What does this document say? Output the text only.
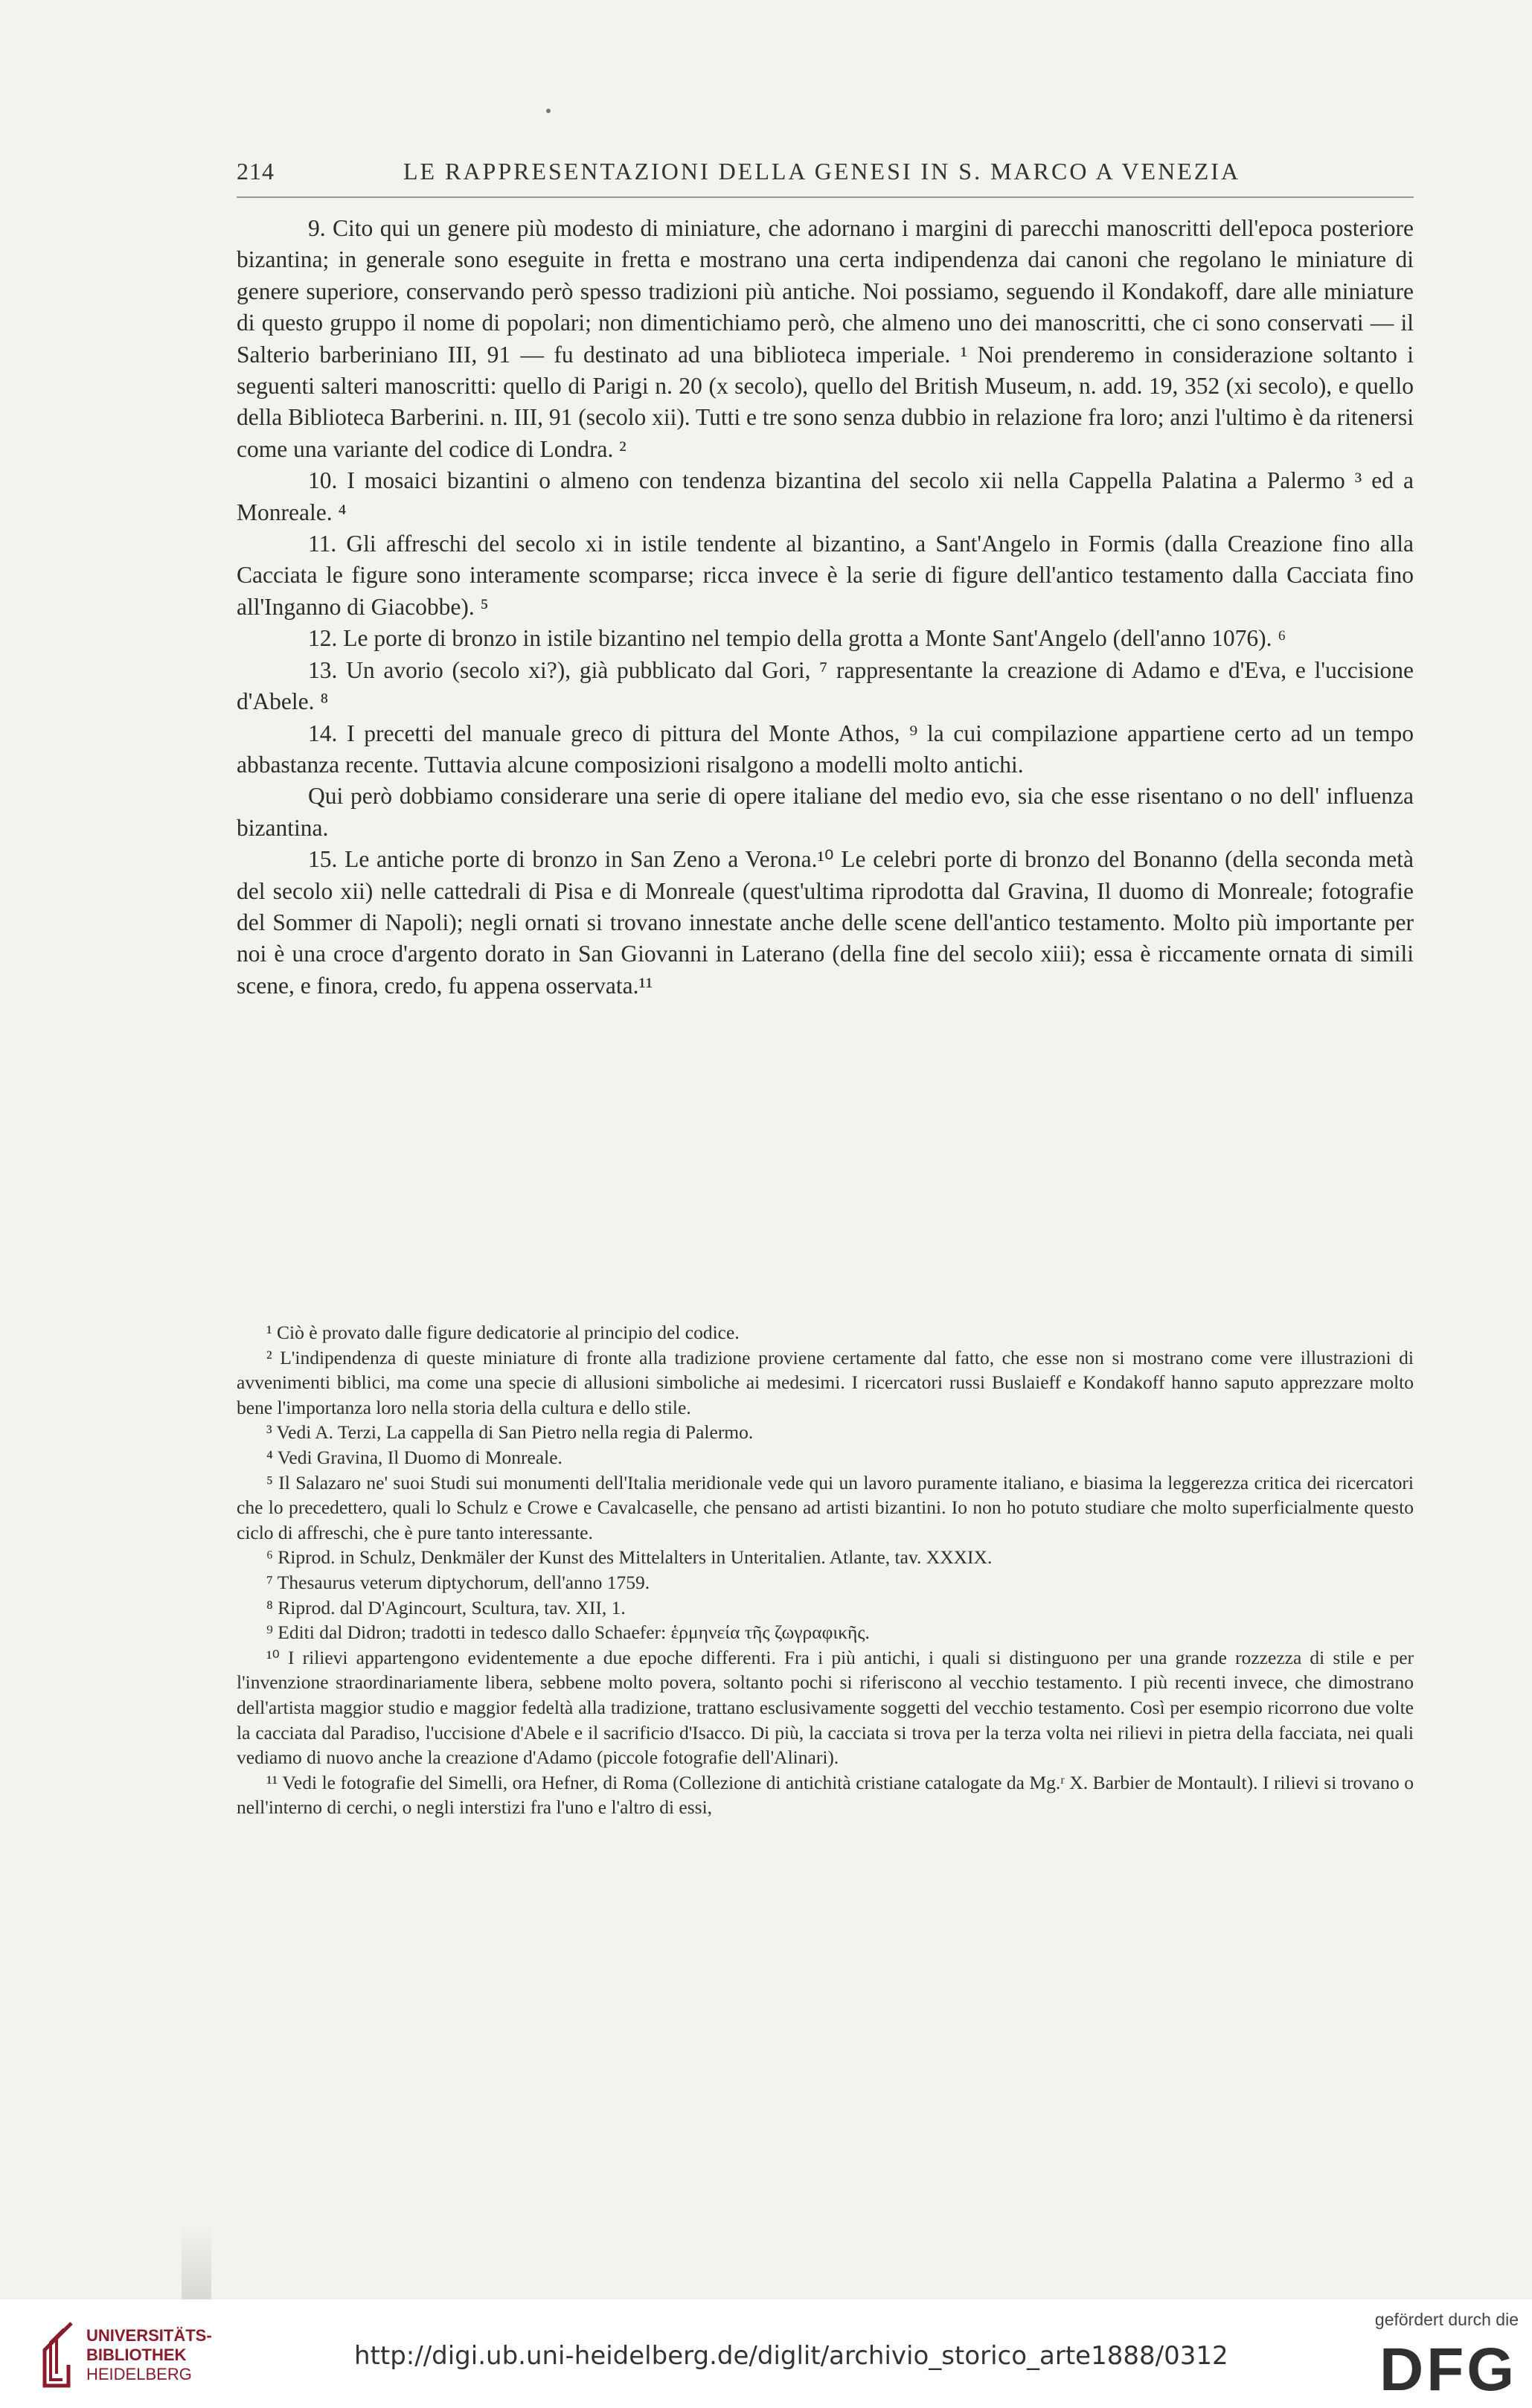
214	LE RAPPRESENTAZIONI DELLA GENESI IN S. MARCO A VENEZIA

9. Cito qui un genere più modesto di miniature, che adornano i margini di parecchi manoscritti dell'epoca posteriore bizantina; in generale sono eseguite in fretta e mostrano una certa indipendenza dai canoni che regolano le miniature di genere superiore, conservando però spesso tradizioni più antiche. Noi possiamo, seguendo il Kondakoff, dare alle miniature di questo gruppo il nome di popolari; non dimentichiamo però, che almeno uno dei manoscritti, che ci sono conservati — il Salterio barberiniano III, 91 — fu destinato ad una biblioteca imperiale. ¹ Noi prenderemo in considerazione soltanto i seguenti salteri manoscritti: quello di Parigi n. 20 (x secolo), quello del British Museum, n. add. 19, 352 (xi secolo), e quello della Biblioteca Barberini. n. III, 91 (secolo xii). Tutti e tre sono senza dubbio in relazione fra loro; anzi l'ultimo è da ritenersi come una variante del codice di Londra. ²

10. I mosaici bizantini o almeno con tendenza bizantina del secolo xii nella Cappella Palatina a Palermo ³ ed a Monreale. ⁴

11. Gli affreschi del secolo xi in istile tendente al bizantino, a Sant'Angelo in Formis (dalla Creazione fino alla Cacciata le figure sono interamente scomparse; ricca invece è la serie di figure dell'antico testamento dalla Cacciata fino all'Inganno di Giacobbe). ⁵

12. Le porte di bronzo in istile bizantino nel tempio della grotta a Monte Sant'Angelo (dell'anno 1076). ⁶

13. Un avorio (secolo xi?), già pubblicato dal Gori, ⁷ rappresentante la creazione di Adamo e d'Eva, e l'uccisione d'Abele. ⁸

14. I precetti del manuale greco di pittura del Monte Athos, ⁹ la cui compilazione appartiene certo ad un tempo abbastanza recente. Tuttavia alcune composizioni risalgono a modelli molto antichi.

Qui però dobbiamo considerare una serie di opere italiane del medio evo, sia che esse risentano o no dell' influenza bizantina.

15. Le antiche porte di bronzo in San Zeno a Verona.¹⁰ Le celebri porte di bronzo del Bonanno (della seconda metà del secolo xii) nelle cattedrali di Pisa e di Monreale (quest'ultima riprodotta dal Gravina, Il duomo di Monreale; fotografie del Sommer di Napoli); negli ornati si trovano innestate anche delle scene dell'antico testamento. Molto più importante per noi è una croce d'argento dorato in San Giovanni in Laterano (della fine del secolo xiii); essa è riccamente ornata di simili scene, e finora, credo, fu appena osservata.¹¹

¹ Ciò è provato dalle figure dedicatorie al principio del codice.

² L'indipendenza di queste miniature di fronte alla tradizione proviene certamente dal fatto, che esse non si mostrano come vere illustrazioni di avvenimenti biblici, ma come una specie di allusioni simboliche ai medesimi. I ricercatori russi Buslaieff e Kondakoff hanno saputo apprezzare molto bene l'importanza loro nella storia della cultura e dello stile.

³ Vedi A. Terzi, La cappella di San Pietro nella regia di Palermo.

⁴ Vedi Gravina, Il Duomo di Monreale.

⁵ Il Salazaro ne' suoi Studi sui monumenti dell'Italia meridionale vede qui un lavoro puramente italiano, e biasima la leggerezza critica dei ricercatori che lo precedettero, quali lo Schulz e Crowe e Cavalcaselle, che pensano ad artisti bizantini. Io non ho potuto studiare che molto superficialmente questo ciclo di affreschi, che è pure tanto interessante.

⁶ Riprod. in Schulz, Denkmäler der Kunst des Mittelalters in Unteritalien. Atlante, tav. XXXIX.

⁷ Thesaurus veterum diptychorum, dell'anno 1759.

⁸ Riprod. dal D'Agincourt, Scultura, tav. XII, 1.

⁹ Editi dal Didron; tradotti in tedesco dallo Schaefer: ἑρμηνεία τῆς ζωγραφικῆς.

¹⁰ I rilievi appartengono evidentemente a due epoche differenti. Fra i più antichi, i quali si distinguono per una grande rozzezza di stile e per l'invenzione straordinariamente libera, sebbene molto povera, soltanto pochi si riferiscono al vecchio testamento. I più recenti invece, che dimostrano dell'artista maggior studio e maggior fedeltà alla tradizione, trattano esclusivamente soggetti del vecchio testamento. Così per esempio ricorrono due volte la cacciata dal Paradiso, l'uccisione d'Abele e il sacrificio d'Isacco. Di più, la cacciata si trova per la terza volta nei rilievi in pietra della facciata, nei quali vediamo di nuovo anche la creazione d'Adamo (piccole fotografie dell'Alinari).

¹¹ Vedi le fotografie del Simelli, ora Hefner, di Roma (Collezione di antichità cristiane catalogate da Mg.ʳ X. Barbier de Montault). I rilievi si trovano o nell'interno di cerchi, o negli interstizi fra l'uno e l'altro di essi,

UNIVERSITÄTS-
BIBLIOTHEK
HEIDELBERG
http://digi.ub.uni-heidelberg.de/diglit/archivio_storico_arte1888/0312
gefördert durch die
DFG
